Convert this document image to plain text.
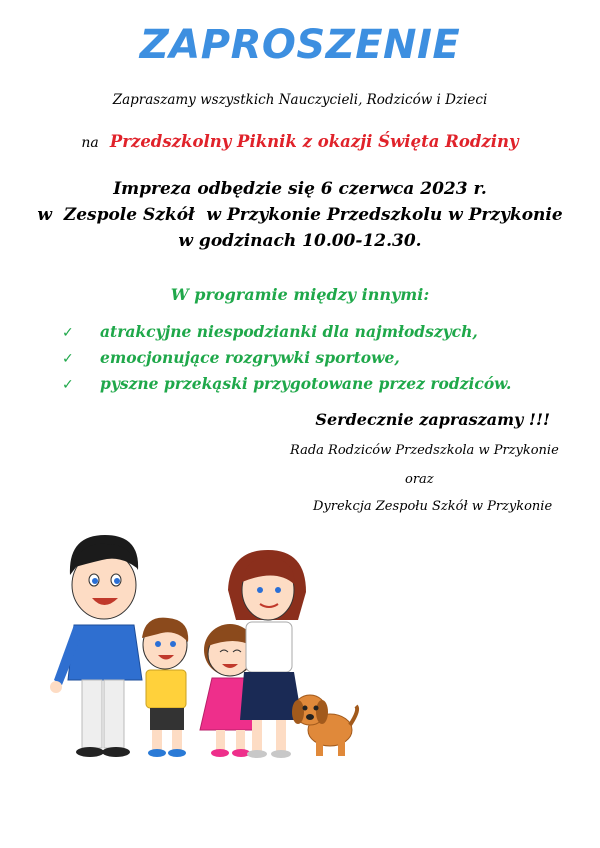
ZAPROSZENIE
Zapraszamy wszystkich Nauczycieli, Rodziców i Dzieci
na Przedszkolny Piknik z okazji Święta Rodziny
Impreza odbędzie się 6 czerwca 2023 r.
w  Zespole Szkół  w Przykonie Przedszkolu w Przykonie
w godzinach 10.00-12.30.
W programie między innymi:
✓ atrakcyjne niespodzianki dla najmłodszych,
✓ emocjonujące rozgrywki sportowe,
✓ pyszne przekąski przygotowane przez rodziców.
Serdecznie zapraszamy !!!
Rada Rodziców Przedszkola w Przykonie
oraz
Dyrekcja Zespołu Szkół w Przykonie
